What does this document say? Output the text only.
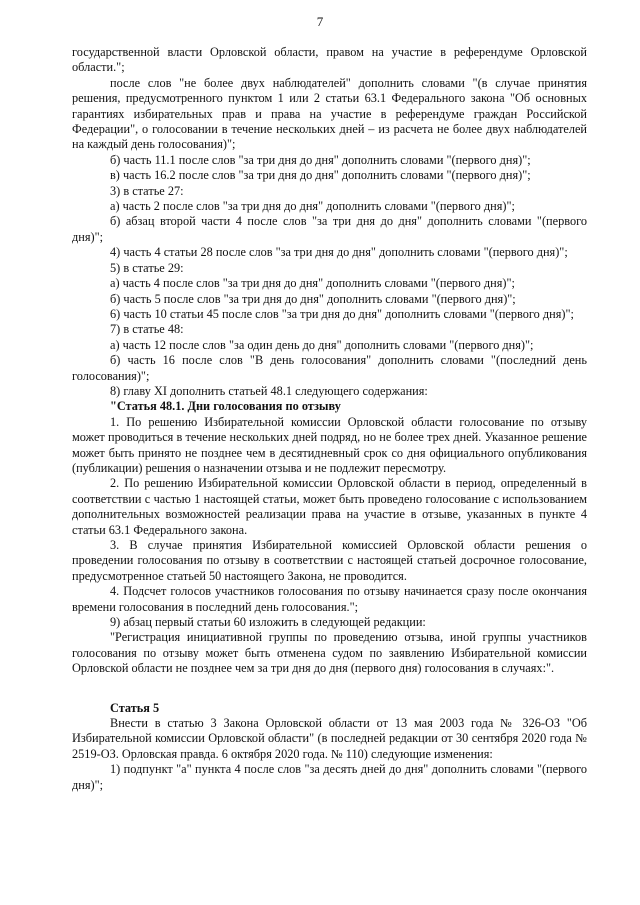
7

государственной власти Орловской области, правом на участие в референдуме Орловской области.";

после слов "не более двух наблюдателей" дополнить словами "(в случае принятия решения, предусмотренного пунктом 1 или 2 статьи 63.1 Федерального закона "Об основных гарантиях избирательных прав и права на участие в референдуме граждан Российской Федерации", о голосовании в течение нескольких дней – из расчета не более двух наблюдателей на каждый день голосования)";

б) часть 11.1 после слов "за три дня до дня" дополнить словами "(первого дня)";

в) часть 16.2 после слов "за три дня до дня" дополнить словами "(первого дня)";

3) в статье 27:

а) часть 2 после слов "за три дня до дня" дополнить словами "(первого дня)";

б) абзац второй части 4 после слов "за три дня до дня" дополнить словами "(первого дня)";

4) часть 4 статьи 28 после слов "за три дня до дня" дополнить словами "(первого дня)";

5) в статье 29:

а) часть 4 после слов "за три дня до дня" дополнить словами "(первого дня)";

б) часть 5 после слов "за три дня до дня" дополнить словами "(первого дня)";

6) часть 10 статьи 45 после слов "за три дня до дня" дополнить словами "(первого дня)";

7) в статье 48:

а) часть 12 после слов "за один день до дня" дополнить словами "(первого дня)";

б) часть 16 после слов "В день голосования" дополнить словами "(последний день голосования)";

8) главу XI дополнить статьей 48.1 следующего содержания:

"Статья 48.1. Дни голосования по отзыву

1. По решению Избирательной комиссии Орловской области голосование по отзыву может проводиться в течение нескольких дней подряд, но не более трех дней. Указанное решение может быть принято не позднее чем в десятидневный срок со дня официального опубликования (публикации) решения о назначении отзыва и не подлежит пересмотру.

2. По решению Избирательной комиссии Орловской области в период, определенный в соответствии с частью 1 настоящей статьи, может быть проведено голосование с использованием дополнительных возможностей реализации права на участие в отзыве, указанных в пункте 4 статьи 63.1 Федерального закона.

3. В случае принятия Избирательной комиссией Орловской области решения о проведении голосования по отзыву в соответствии с настоящей статьей досрочное голосование, предусмотренное статьей 50 настоящего Закона, не проводится.

4. Подсчет голосов участников голосования по отзыву начинается сразу после окончания времени голосования в последний день голосования.";

9) абзац первый статьи 60 изложить в следующей редакции:

"Регистрация инициативной группы по проведению отзыва, иной группы участников голосования по отзыву может быть отменена судом по заявлению Избирательной комиссии Орловской области не позднее чем за три дня до дня (первого дня) голосования в случаях:".

Статья 5

Внести в статью 3 Закона Орловской области от 13 мая 2003 года № 326-ОЗ "Об Избирательной комиссии Орловской области" (в последней редакции от 30 сентября 2020 года № 2519-ОЗ. Орловская правда. 6 октября 2020 года. № 110) следующие изменения:

1) подпункт "а" пункта 4 после слов "за десять дней до дня" дополнить словами "(первого дня)";
